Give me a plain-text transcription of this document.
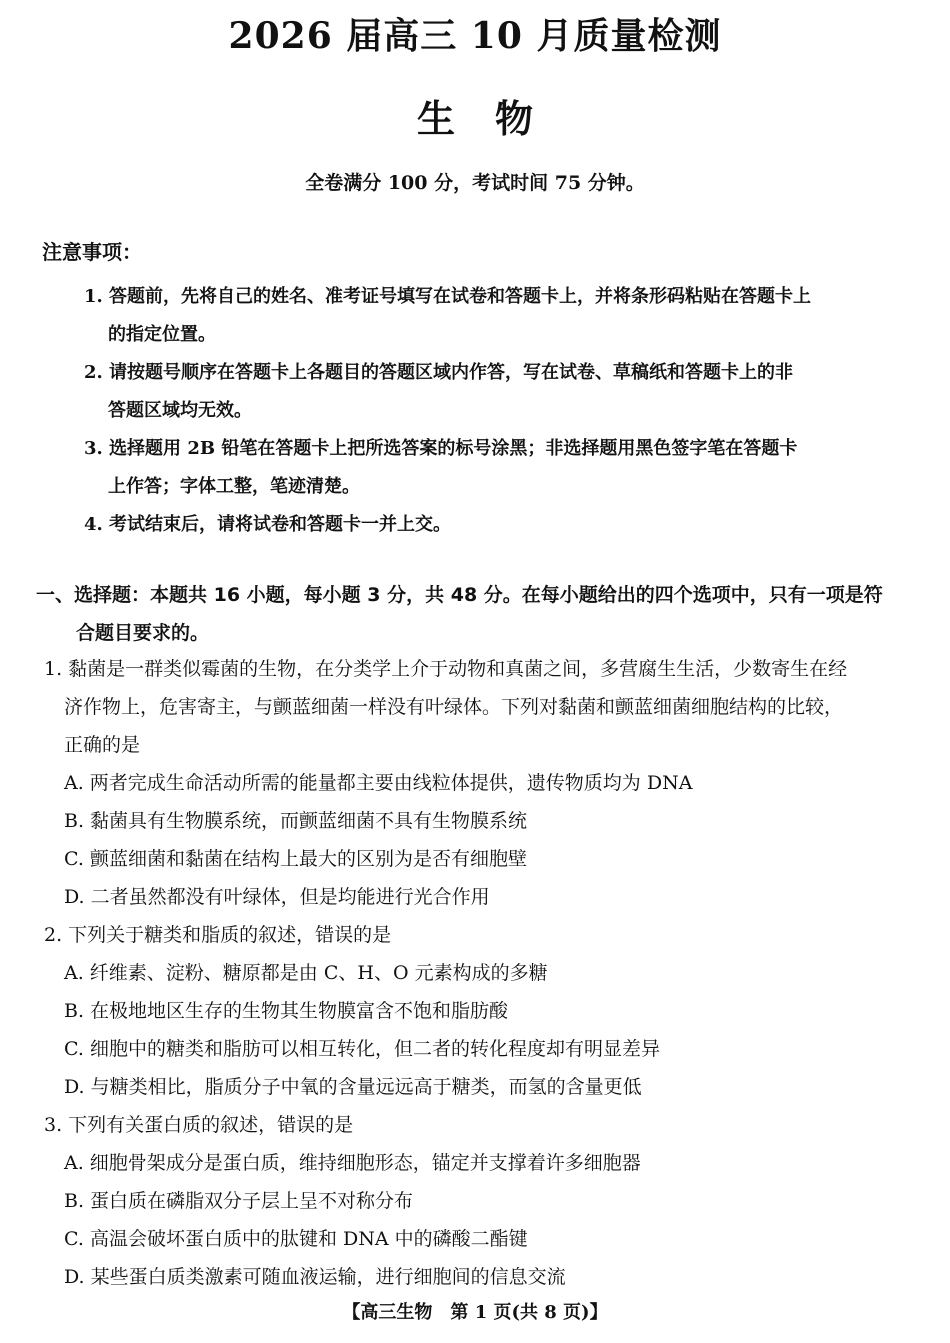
2026 届高三 10 月质量检测
生物
全卷满分 100 分，考试时间 75 分钟。
注意事项：
1. 答题前，先将自己的姓名、准考证号填写在试卷和答题卡上，并将条形码粘贴在答题卡上
的指定位置。
2. 请按题号顺序在答题卡上各题目的答题区域内作答，写在试卷、草稿纸和答题卡上的非
答题区域均无效。
3. 选择题用 2B 铅笔在答题卡上把所选答案的标号涂黑；非选择题用黑色签字笔在答题卡
上作答；字体工整，笔迹清楚。
4. 考试结束后，请将试卷和答题卡一并上交。
一、选择题：本题共 16 小题，每小题 3 分，共 48 分。在每小题给出的四个选项中，只有一项是符
合题目要求的。
1. 黏菌是一群类似霉菌的生物，在分类学上介于动物和真菌之间，多营腐生生活，少数寄生在经
济作物上，危害寄主，与颤蓝细菌一样没有叶绿体。下列对黏菌和颤蓝细菌细胞结构的比较，
正确的是
A. 两者完成生命活动所需的能量都主要由线粒体提供，遗传物质均为 DNA
B. 黏菌具有生物膜系统，而颤蓝细菌不具有生物膜系统
C. 颤蓝细菌和黏菌在结构上最大的区别为是否有细胞壁
D. 二者虽然都没有叶绿体，但是均能进行光合作用
2. 下列关于糖类和脂质的叙述，错误的是
A. 纤维素、淀粉、糖原都是由 C、H、O 元素构成的多糖
B. 在极地地区生存的生物其生物膜富含不饱和脂肪酸
C. 细胞中的糖类和脂肪可以相互转化，但二者的转化程度却有明显差异
D. 与糖类相比，脂质分子中氧的含量远远高于糖类，而氢的含量更低
3. 下列有关蛋白质的叙述，错误的是
A. 细胞骨架成分是蛋白质，维持细胞形态，锚定并支撑着许多细胞器
B. 蛋白质在磷脂双分子层上呈不对称分布
C. 高温会破坏蛋白质中的肽键和 DNA 中的磷酸二酯键
D. 某些蛋白质类激素可随血液运输，进行细胞间的信息交流
【高三生物　第 1 页(共 8 页)】
